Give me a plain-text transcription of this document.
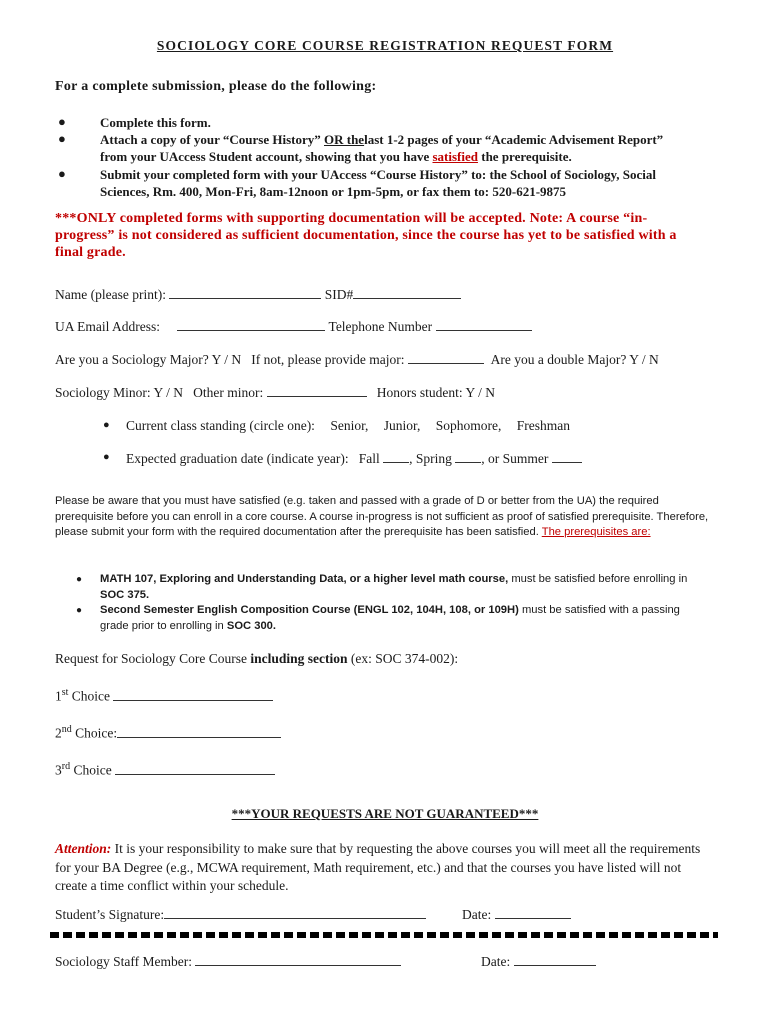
SOCIOLOGY CORE COURSE REGISTRATION REQUEST FORM
For a complete submission, please do the following:
●	Complete this form.
●	Attach a copy of your “Course History” OR thelast 1-2 pages of your “Academic Advisement Report”
from your UAccess Student account, showing that you have satisfied the prerequisite.
●	Submit your completed form with your UAccess “Course History” to: the School of Sociology, Social
Sciences, Rm. 400, Mon-Fri, 8am-12noon or 1pm-5pm, or fax them to: 520-621-9875
***ONLY completed forms with supporting documentation will be accepted. Note: A course “in-progress” is not considered as sufficient documentation, since the course has yet to be satisfied with a final grade.
Name (please print):	SID#
UA Email Address:	Telephone Number
Are you a Sociology Major? Y / N If not, please provide major:	Are you a double Major? Y / N
Sociology Minor: Y / N Other minor:	Honors student: Y / N
● Current class standing (circle one): Senior, Junior, Sophomore, Freshman
● Expected graduation date (indicate year): Fall , Spring , or Summer
Please be aware that you must have satisfied (e.g. taken and passed with a grade of D or better from the UA) the required prerequisite before you can enroll in a core course. A course in-progress is not sufficient as proof of satisfied prerequisite. Therefore, please submit your form with the required documentation after the prerequisite has been satisfied. The prerequisites are:
● MATH 107, Exploring and Understanding Data, or a higher level math course, must be satisfied before enrolling in
SOC 375.
● Second Semester English Composition Course (ENGL 102, 104H, 108, or 109H) must be satisfied with a passing
grade prior to enrolling in SOC 300.
Request for Sociology Core Course including section (ex: SOC 374-002):
1st Choice
2nd Choice:
3rd Choice
***YOUR REQUESTS ARE NOT GUARANTEED***
Attention: It is your responsibility to make sure that by requesting the above courses you will meet all the requirements for your BA Degree (e.g., MCWA requirement, Math requirement, etc.) and that the courses you have listed will not create a time conflict within your schedule.
Student’s Signature:	Date:
Sociology Staff Member:	Date:
